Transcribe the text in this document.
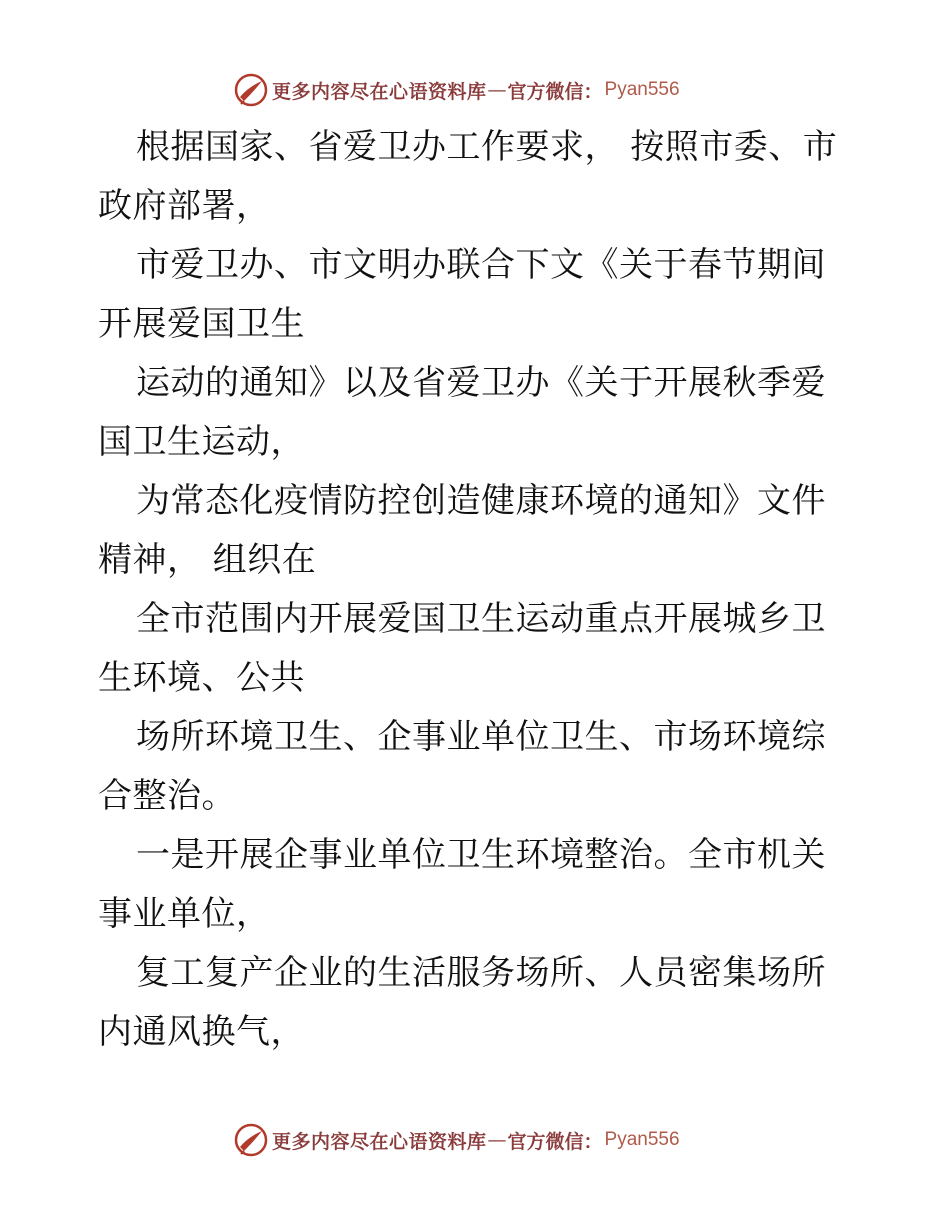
更多内容尽在心语资料库 — 官方微信： Pyan556

根据国家、省爱卫办工作要求， 按照市委、市政府部署，

市爱卫办、市文明办联合下文《关于春节期间开展爱国卫生

运动的通知》以及省爱卫办《关于开展秋季爱国卫生运动，

为常态化疫情防控创造健康环境的通知》文件精神， 组织在

全市范围内开展爱国卫生运动重点开展城乡卫生环境、公共

场所环境卫生、企事业单位卫生、市场环境综合整治。

一是开展企事业单位卫生环境整治。全市机关事业单位，

复工复产企业的生活服务场所、人员密集场所内通风换气，

更多内容尽在心语资料库 — 官方微信： Pyan556
